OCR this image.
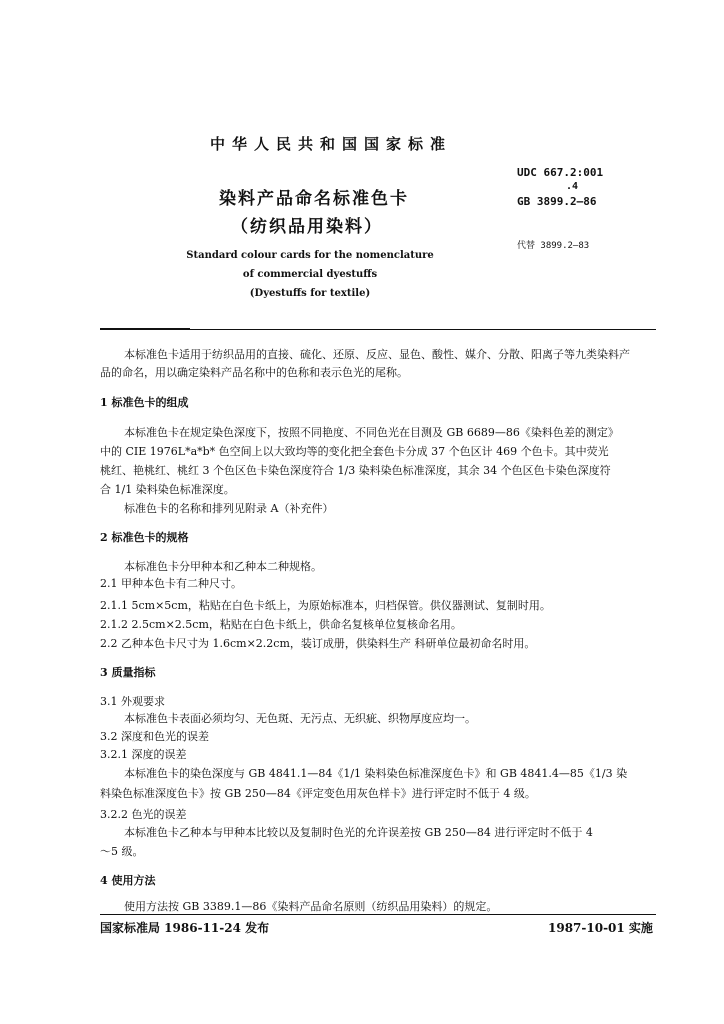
中华人民共和国国家标准
染料产品命名标准色卡
（纺织品用染料）
Standard colour cards for the nomenclature
of commercial dyestuffs
(Dyestuffs for textile)
UDC 667.2:001
.4
GB 3899.2—86
代替 3899.2—83
本标准色卡适用于纺织品用的直接、硫化、还原、反应、显色、酸性、媒介、分散、阳离子等九类染料产
品的命名，用以确定染料产品名称中的色称和表示色光的尾称。
1 标准色卡的组成
本标准色卡在规定染色深度下，按照不同艳度、不同色光在目测及 GB 6689—86《染料色差的测定》
中的 CIE 1976L*a*b* 色空间上以大致均等的变化把全套色卡分成 37 个色区计 469 个色卡。其中荧光
桃红、艳桃红、桃红 3 个色区色卡染色深度符合 1/3 染料染色标准深度，其余 34 个色区色卡染色深度符
合 1/1 染料染色标准深度。
标准色卡的名称和排列见附录 A（补充件）
2 标准色卡的规格
本标准色卡分甲种本和乙种本二种规格。
2.1 甲种本色卡有二种尺寸。
2.1.1 5cm×5cm，粘贴在白色卡纸上，为原始标准本，归档保管。供仪器测试、复制时用。
2.1.2 2.5cm×2.5cm，粘贴在白色卡纸上，供命名复核单位复核命名用。
2.2 乙种本色卡尺寸为 1.6cm×2.2cm，装订成册，供染料生产 科研单位最初命名时用。
3 质量指标
3.1 外观要求
本标准色卡表面必须均匀、无色斑、无污点、无织疵、织物厚度应均一。
3.2 深度和色光的误差
3.2.1 深度的误差
本标准色卡的染色深度与 GB 4841.1—84《1/1 染料染色标准深度色卡》和 GB 4841.4—85《1/3 染
料染色标准深度色卡》按 GB 250—84《评定变色用灰色样卡》进行评定时不低于 4 级。
3.2.2 色光的误差
本标准色卡乙种本与甲种本比较以及复制时色光的允许误差按 GB 250—84 进行评定时不低于 4
～5 级。
4 使用方法
使用方法按 GB 3389.1—86《染料产品命名原则（纺织品用染料）的规定。
国家标准局 1986-11-24 发布	1987-10-01 实施
